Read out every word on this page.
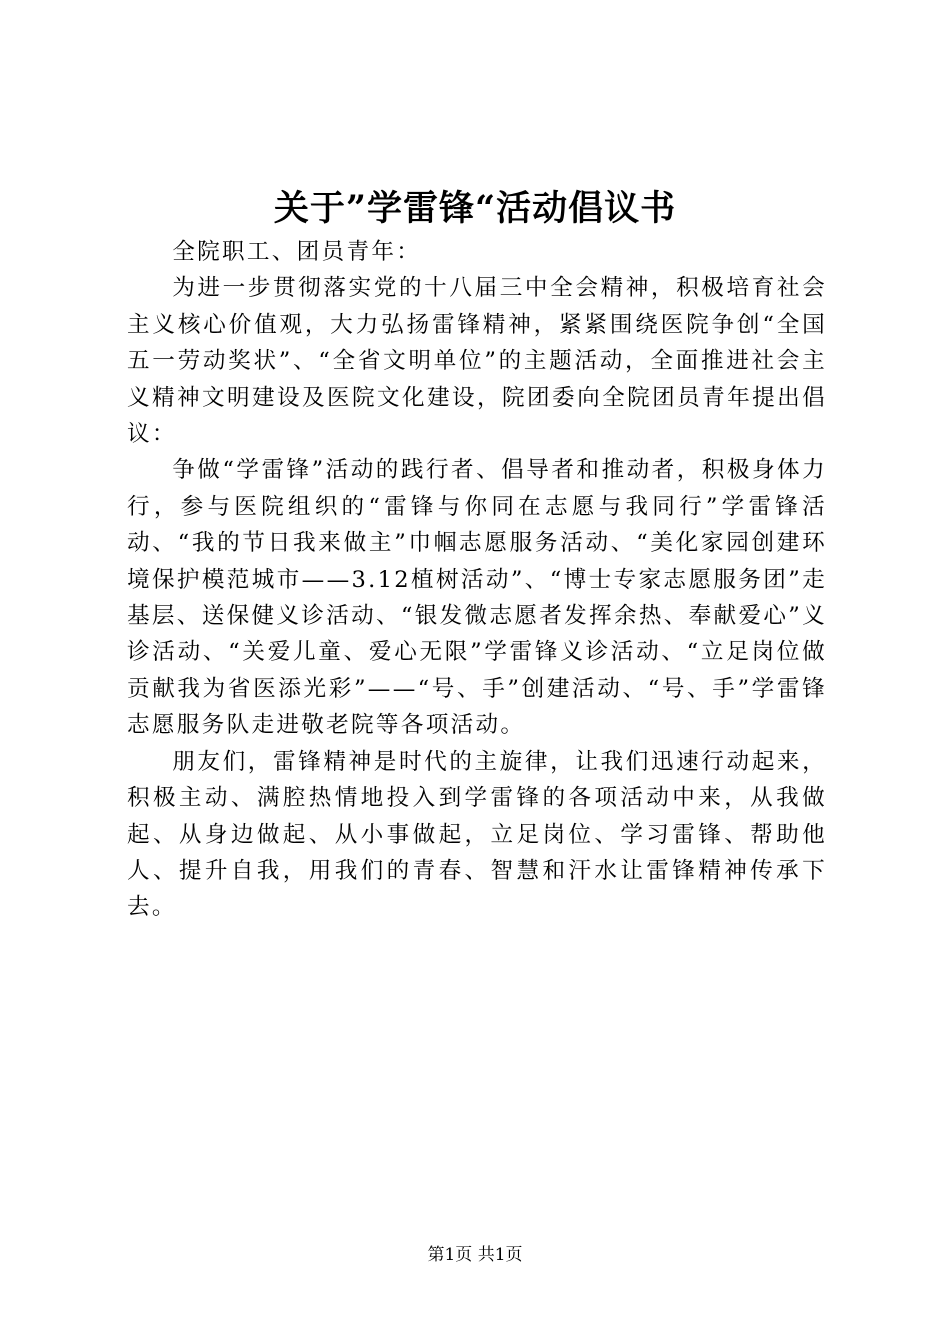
关于”学雷锋“活动倡议书

全院职工、团员青年：

为进一步贯彻落实党的十八届三中全会精神，积极培育社会主义核心价值观，大力弘扬雷锋精神，紧紧围绕医院争创“全国五一劳动奖状”、“全省文明单位”的主题活动，全面推进社会主义精神文明建设及医院文化建设，院团委向全院团员青年提出倡议：

争做“学雷锋”活动的践行者、倡导者和推动者，积极身体力行，参与医院组织的“雷锋与你同在志愿与我同行”学雷锋活动、“我的节日我来做主”巾帼志愿服务活动、“美化家园创建环境保护模范城市——3.12植树活动”、“博士专家志愿服务团”走基层、送保健义诊活动、“银发微志愿者发挥余热、奉献爱心”义诊活动、“关爱儿童、爱心无限”学雷锋义诊活动、“立足岗位做贡献我为省医添光彩”——“号、手”创建活动、“号、手”学雷锋志愿服务队走进敬老院等各项活动。

朋友们，雷锋精神是时代的主旋律，让我们迅速行动起来，积极主动、满腔热情地投入到学雷锋的各项活动中来，从我做起、从身边做起、从小事做起，立足岗位、学习雷锋、帮助他人、提升自我，用我们的青春、智慧和汗水让雷锋精神传承下去。

第1页 共1页
